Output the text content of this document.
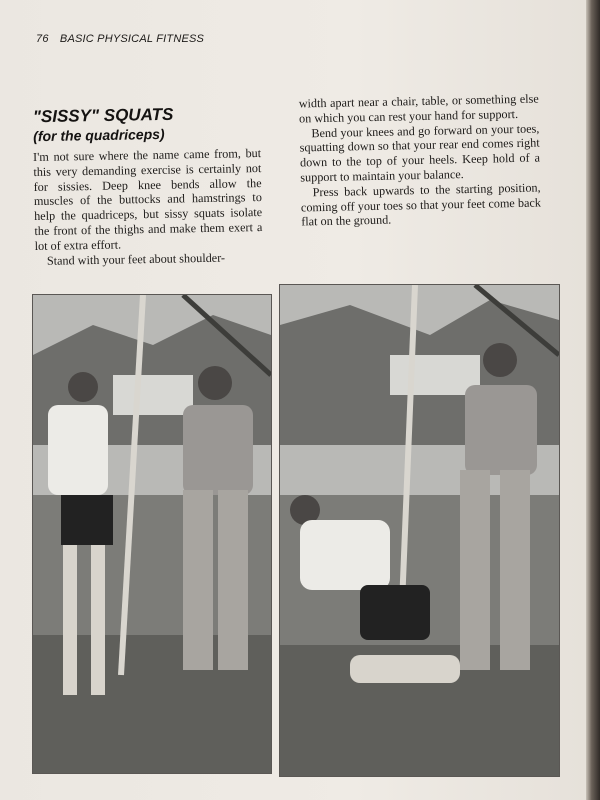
76 BASIC PHYSICAL FITNESS
"SISSY" SQUATS
(for the quadriceps)

I'm not sure where the name came from, but this very demanding exercise is certainly not for sissies. Deep knee bends allow the muscles of the buttocks and hamstrings to help the quadriceps, but sissy squats isolate the front of the thighs and make them exert a lot of extra effort.

Stand with your feet about shoulder-

width apart near a chair, table, or something else on which you can rest your hand for support.

Bend your knees and go forward on your toes, squatting down so that your rear end comes right down to the top of your heels. Keep hold of a support to maintain your balance.

Press back upwards to the starting position, coming off your toes so that your feet come back flat on the ground.
